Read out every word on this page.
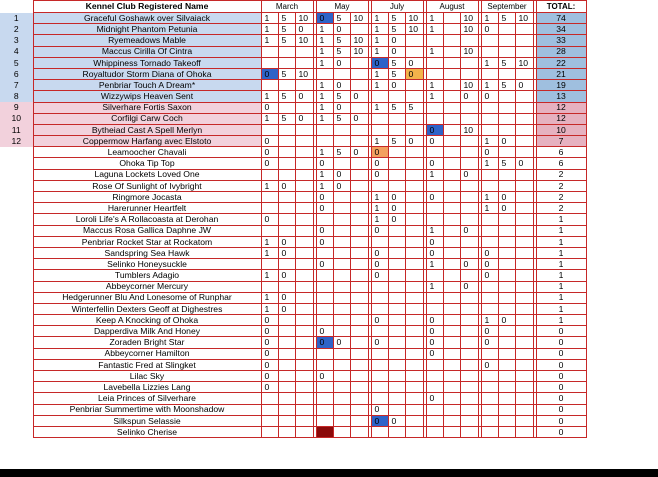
	Kennel Club Registered Name	March				May				July				August				September				TOTAL:
1	Graceful Goshawk over Silvaiack	1	5	10		0	5	10		1	5	10		1		10		1	5	10		74
2	Midnight Phantom Petunia	1	5	0		1	0			1	5	10		1		10		0				34
3	Ryemeadows Mable	1	5	10		1	5	10		1	0											33
4	Maccus Cirilla Of Cintra					1	5	10		1	0			1		10						28
5	Whippiness Tornado Takeoff					1	0			0	5	0						1	5	10		22
6	Royaltudor Storm Diana of Ohoka	0	5	10						1	5	0										21
7	Penbriar Touch A Dream*					1	0			1	0			1		10		1	5	0		19
8	Wizzywips Heaven Sent	1	5	0		1	5	0						1		0		0				13
9	Silverhare Fortis Saxon	0				1	0			1	5	5										12
10	Corfilgi Carw Coch	1	5	0		1	5	0														12
11	Bytheiad Cast A Spell Merlyn													0		10						10
12	Coppermow Harfang avec Elstoto	0								1	5	0		0				1	0			7
	Leamoocher Chavali	0				1	5	0		0								0				6
	Ohoka Tip Top	0				0				0				0				1	5	0		6
	Laguna Lockets Loved One					1	0			0				1		0						2
	Rose Of Sunlight of Ivybright	1	0			1	0															2
	Ringmore Jocasta					0				1	0			0				1	0			2
	Harerunner Heartfelt					0				1	0							1	0			2
	Loroli Life's A Rollacoasta at Derohan	0								1	0											1
	Maccus Rosa Gallica Daphne JW					0				0				1		0						1
	Penbriar Rocket Star at Rockatom	1	0			0								0								1
	Sandspring Sea Hawk	1	0							0				0				0				1
	Selinko Honeysuckle					0				0				1		0		0				1
	Tumblers Adagio	1	0							0								0				1
	Abbeycorner Mercury													1		0						1
	Hedgerunner Blu And Lonesome of Runphar	1	0																			1
	Winterfellin Dexters Geoff at Dighestres	1	0																			1
	Keep A Knocking of Ohoka	0								0				0				1	0			1
	Dapperdiva Milk And Honey	0				0								0				0				0
	Zoraden Bright Star	0				0	0			0				0				0				0
	Abbeycorner Hamilton	0												0								0
	Fantastic Fred at Slingket	0																0				0
	Lilac Sky	0				0																0
	Lavebella Lizzies Lang	0																				0
	Leia Princes of Silverhare													0								0
	Penbriar Summertime with Moonshadow									0												0
	Silkspun Selassie									0	0											0
	Selinko Cherise																					0
